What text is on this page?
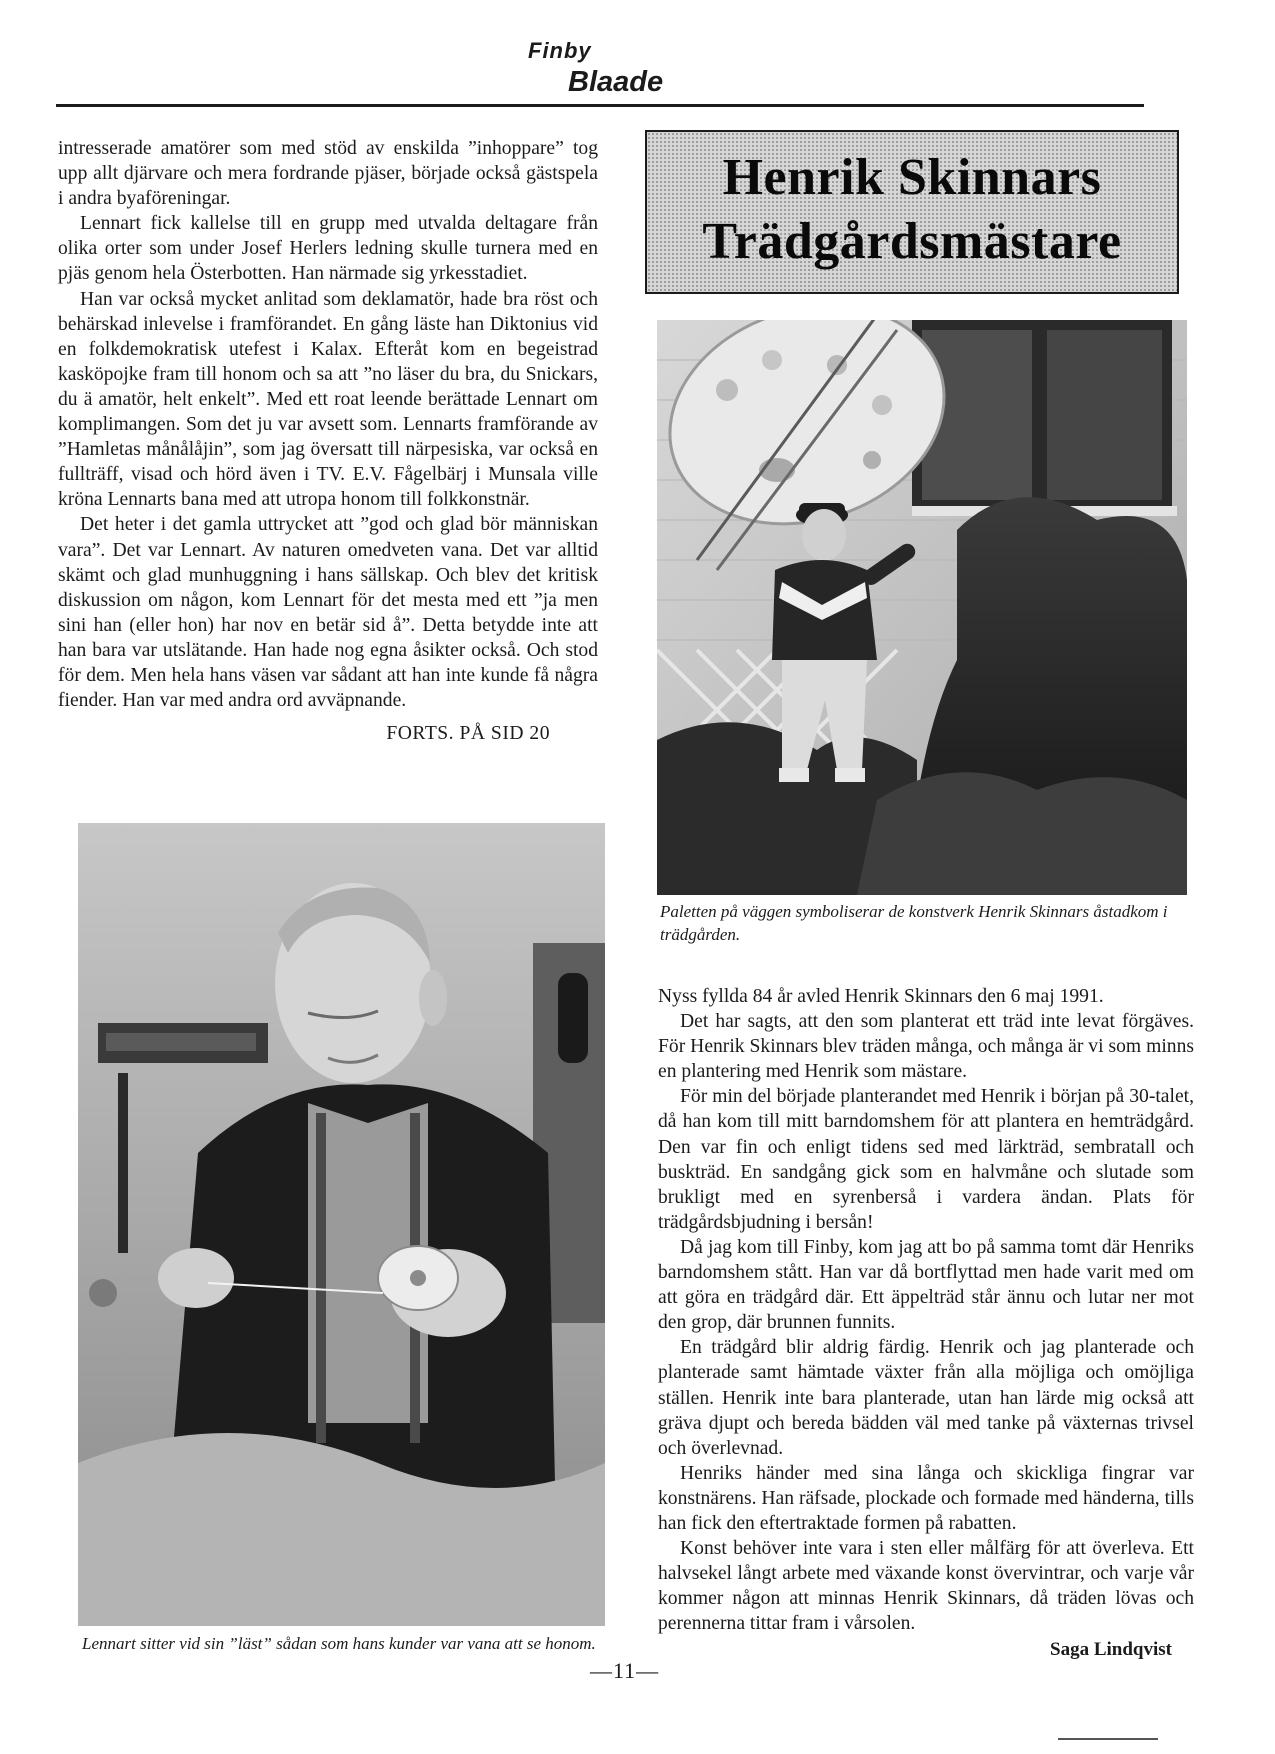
Finby
Blaade

intresserade amatörer som med stöd av enskilda ”inhoppare” tog upp allt djärvare och mera fordrande pjäser, började också gästspela i andra byaföreningar.

Lennart fick kallelse till en grupp med utvalda deltagare från olika orter som under Josef Herlers ledning skulle turnera med en pjäs genom hela Österbotten. Han närmade sig yrkesstadiet.

Han var också mycket anlitad som deklamatör, hade bra röst och behärskad inlevelse i framförandet. En gång läste han Diktonius vid en folkdemokratisk utefest i Kalax. Efteråt kom en begeistrad kasköpojke fram till honom och sa att ”no läser du bra, du Snickars, du ä amatör, helt enkelt”. Med ett roat leende berättade Lennart om komplimangen. Som det ju var avsett som. Lennarts framförande av ”Hamletas månålåjin”, som jag översatt till närpesiska, var också en fullträff, visad och hörd även i TV. E.V. Fågelbärj i Munsala ville kröna Lennarts bana med att utropa honom till folkkonstnär.

Det heter i det gamla uttrycket att ”god och glad bör människan vara”. Det var Lennart. Av naturen omedveten vana. Det var alltid skämt och glad munhuggning i hans sällskap. Och blev det kritisk diskussion om någon, kom Lennart för det mesta med ett ”ja men sini han (eller hon) har nov en betär sid å”. Detta betydde inte att han bara var utslätande. Han hade nog egna åsikter också. Och stod för dem. Men hela hans väsen var sådant att han inte kunde få några fiender. Han var med andra ord avväpnande.

FORTS. PÅ SID 20

Henrik Skinnars
Trädgårdsmästare

Paletten på väggen symboliserar de konstverk Henrik Skinnars åstadkom i trädgården.

Lennart sitter vid sin ”läst” sådan som hans kunder var vana att se honom.

Nyss fyllda 84 år avled Henrik Skinnars den 6 maj 1991.

Det har sagts, att den som planterat ett träd inte levat förgäves. För Henrik Skinnars blev träden många, och många är vi som minns en plantering med Henrik som mästare.

För min del började planterandet med Henrik i början på 30-talet, då han kom till mitt barndomshem för att plantera en hemträdgård. Den var fin och enligt tidens sed med lärkträd, sembratall och buskträd. En sandgång gick som en halvmåne och slutade som brukligt med en syrenberså i vardera ändan. Plats för trädgårdsbjudning i bersån!

Då jag kom till Finby, kom jag att bo på samma tomt där Henriks barndomshem stått. Han var då bortflyttad men hade varit med om att göra en trädgård där. Ett äppelträd står ännu och lutar ner mot den grop, där brunnen funnits.

En trädgård blir aldrig färdig. Henrik och jag planterade och planterade samt hämtade växter från alla möjliga och omöjliga ställen. Henrik inte bara planterade, utan han lärde mig också att gräva djupt och bereda bädden väl med tanke på växternas trivsel och överlevnad.

Henriks händer med sina långa och skickliga fingrar var konstnärens. Han räfsade, plockade och formade med händerna, tills han fick den eftertraktade formen på rabatten.

Konst behöver inte vara i sten eller målfärg för att överleva. Ett halvsekel långt arbete med växande konst övervintrar, och varje vår kommer någon att minnas Henrik Skinnars, då träden lövas och perennerna tittar fram i vårsolen.

Saga Lindqvist

—11—
